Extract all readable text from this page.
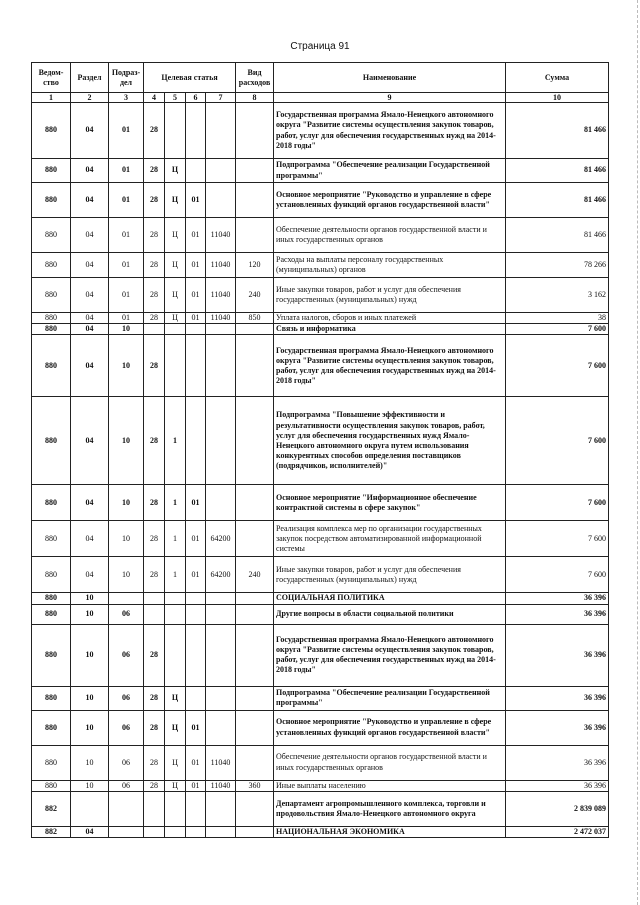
Страница 91
Ведом- ство	Раздел	Подраз- дел	Целевая статья				Вид расходов	Наименование	Сумма
1	2	3	4	5	6	7	8	9	10
880	04	01	28					Государственная программа Ямало-Ненецкого автономного округа "Развитие системы осуществления закупок товаров, работ, услуг для обеспечения государственных нужд на 2014-2018 годы"	81 466
880	04	01	28	Ц				Подпрограмма "Обеспечение реализации Государственной программы"	81 466
880	04	01	28	Ц	01			Основное мероприятие "Руководство и управление в сфере установленных функций органов государственной власти"	81 466
880	04	01	28	Ц	01	11040		Обеспечение деятельности органов государственной власти и иных государственных органов	81 466
880	04	01	28	Ц	01	11040	120	Расходы на выплаты персоналу государственных (муниципальных) органов	78 266
880	04	01	28	Ц	01	11040	240	Иные закупки товаров, работ и услуг для обеспечения государственных (муниципальных) нужд	3 162
880	04	01	28	Ц	01	11040	850	Уплата налогов, сборов и иных платежей	38
880	04	10						Связь и информатика	7 600
880	04	10	28					Государственная программа Ямало-Ненецкого автономного округа "Развитие системы осуществления закупок товаров, работ, услуг для обеспечения государственных нужд на 2014-2018 годы"	7 600
880	04	10	28	1				Подпрограмма "Повышение эффективности и результативности осуществления закупок товаров, работ, услуг для обеспечения государственных нужд Ямало-Ненецкого автономного округа путем использования конкурентных способов определения поставщиков (подрядчиков, исполнителей)"	7 600
880	04	10	28	1	01			Основное мероприятие "Информационное обеспечение контрактной системы в сфере закупок"	7 600
880	04	10	28	1	01	64200		Реализация комплекса мер по организации государственных закупок посредством автоматизированной информационной системы	7 600
880	04	10	28	1	01	64200	240	Иные закупки товаров, работ и услуг для обеспечения государственных (муниципальных) нужд	7 600
880	10							СОЦИАЛЬНАЯ ПОЛИТИКА	36 396
880	10	06						Другие вопросы в области социальной политики	36 396
880	10	06	28					Государственная программа Ямало-Ненецкого автономного округа "Развитие системы осуществления закупок товаров, работ, услуг для обеспечения государственных нужд на 2014-2018 годы"	36 396
880	10	06	28	Ц				Подпрограмма "Обеспечение реализации Государственной программы"	36 396
880	10	06	28	Ц	01			Основное мероприятие "Руководство и управление в сфере установленных функций органов государственной власти"	36 396
880	10	06	28	Ц	01	11040		Обеспечение деятельности органов государственной власти и иных государственных органов	36 396
880	10	06	28	Ц	01	11040	360	Иные выплаты населению	36 396
882								Департамент агропромышленного комплекса, торговли и продовольствия Ямало-Ненецкого автономного округа	2 839 089
882	04							НАЦИОНАЛЬНАЯ ЭКОНОМИКА	2 472 037
